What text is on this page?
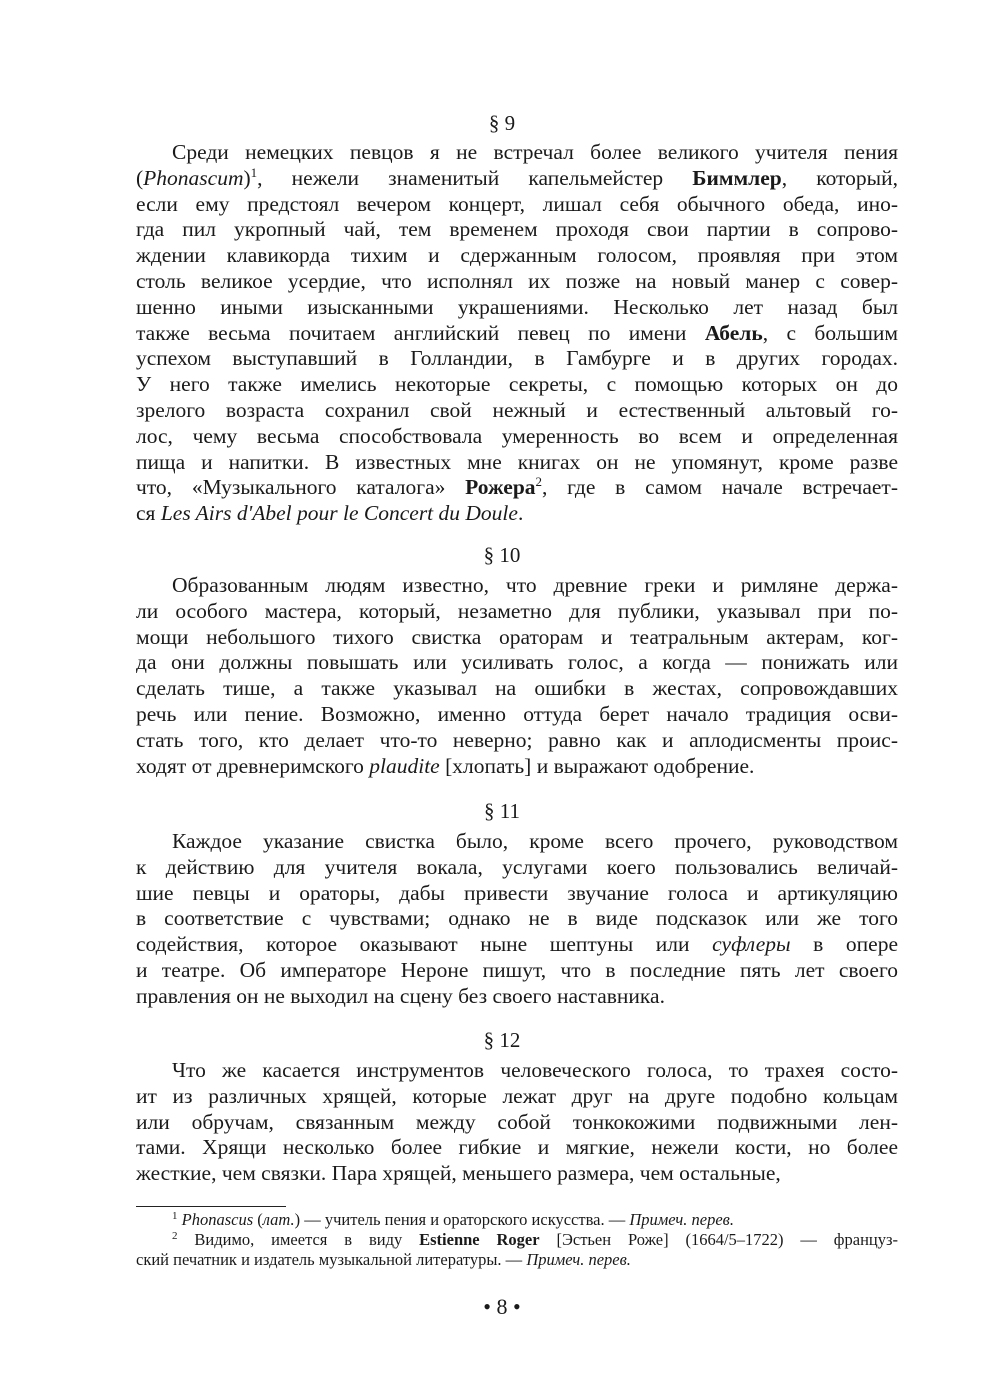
§ 9
Среди немецких певцов я не встречал более великого учителя пения
(Phonascum)$^1$, нежели знаменитый капельмейстер Биммлер, который,
если ему предстоял вечером концерт, лишал себя обычного обеда, ино-
гда пил укропный чай, тем временем проходя свои партии в сопрово-
ждении клавикорда тихим и сдержанным голосом, проявляя при этом
столь великое усердие, что исполнял их позже на новый манер с совер-
шенно иными изысканными украшениями. Несколько лет назад был
также весьма почитаем английский певец по имени Абель, с большим
успехом выступавший в Голландии, в Гамбурге и в других городах.
У него также имелись некоторые секреты, с помощью которых он до
зрелого возраста сохранил свой нежный и естественный альтовый го-
лос, чему весьма способствовала умеренность во всем и определенная
пища и напитки. В известных мне книгах он не упомянут, кроме разве
что, «Музыкального каталога» Рожера$^2$, где в самом начале встречает-
ся Les Airs d'Abel pour le Concert du Doule.
§ 10
Образованным людям известно, что древние греки и римляне держа-
ли особого мастера, который, незаметно для публики, указывал при по-
мощи небольшого тихого свистка ораторам и театральным актерам, ког-
да они должны повышать или усиливать голос, а когда — понижать или
сделать тише, а также указывал на ошибки в жестах, сопровождавших
речь или пение. Возможно, именно оттуда берет начало традиция осви-
стать того, кто делает что-то неверно; равно как и аплодисменты проис-
ходят от древнеримского plaudite [хлопать] и выражают одобрение.
§ 11
Каждое указание свистка было, кроме всего прочего, руководством
к действию для учителя вокала, услугами коего пользовались величай-
шие певцы и ораторы, дабы привести звучание голоса и артикуляцию
в соответствие с чувствами; однако не в виде подсказок или же того
содействия, которое оказывают ныне шептуны или суфлеры в опере
и театре. Об императоре Нероне пишут, что в последние пять лет своего
правления он не выходил на сцену без своего наставника.
§ 12
Что же касается инструментов человеческого голоса, то трахея состо-
ит из различных хрящей, которые лежат друг на друге подобно кольцам
или обручам, связанным между собой тонкокожими подвижными лен-
тами. Хрящи несколько более гибкие и мягкие, нежели кости, но более
жесткие, чем связки. Пара хрящей, меньшего размера, чем остальные,
$^1$ Phonascus (лат.) — учитель пения и ораторского искусства. — Примеч. перев.
$^2$ Видимо, имеется в виду Estienne Roger [Эстьен Роже] (1664/5–1722) — француз-
ский печатник и издатель музыкальной литературы. — Примеч. перев.
• 8 •
